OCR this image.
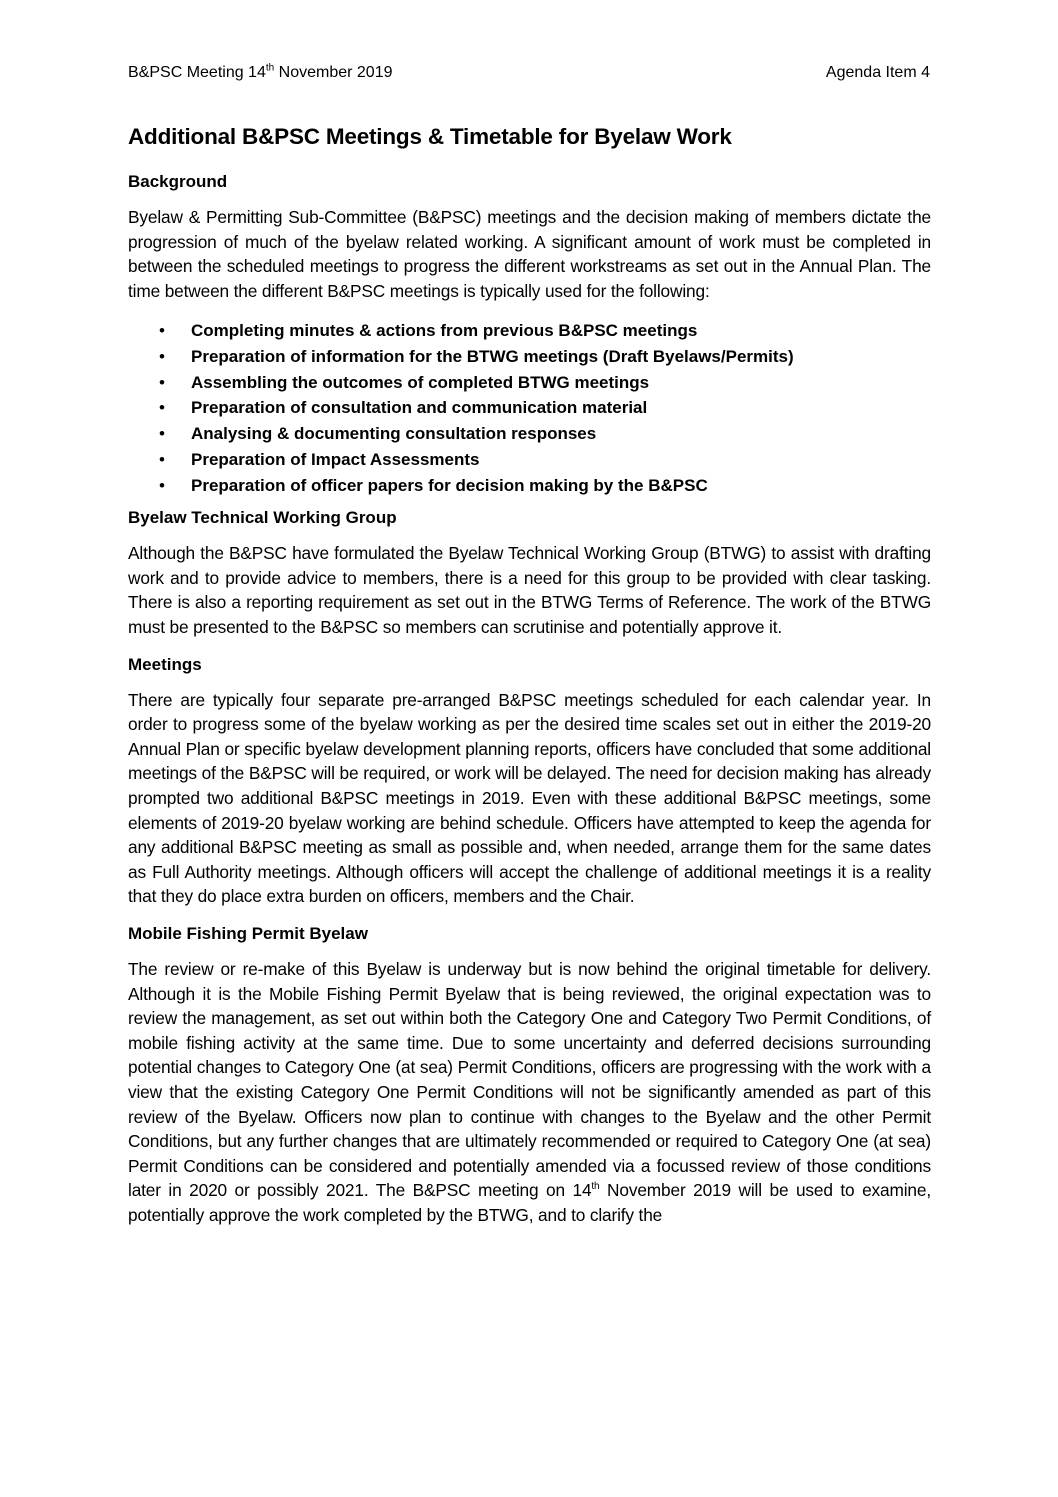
B&PSC Meeting 14th November 2019	Agenda Item 4
Additional B&PSC Meetings & Timetable for Byelaw Work
Background

Byelaw & Permitting Sub-Committee (B&PSC) meetings and the decision making of members dictate the progression of much of the byelaw related working. A significant amount of work must be completed in between the scheduled meetings to progress the different workstreams as set out in the Annual Plan. The time between the different B&PSC meetings is typically used for the following:

• Completing minutes & actions from previous B&PSC meetings
• Preparation of information for the BTWG meetings (Draft Byelaws/Permits)
• Assembling the outcomes of completed BTWG meetings
• Preparation of consultation and communication material
• Analysing & documenting consultation responses
• Preparation of Impact Assessments
• Preparation of officer papers for decision making by the B&PSC
Byelaw Technical Working Group

Although the B&PSC have formulated the Byelaw Technical Working Group (BTWG) to assist with drafting work and to provide advice to members, there is a need for this group to be provided with clear tasking. There is also a reporting requirement as set out in the BTWG Terms of Reference. The work of the BTWG must be presented to the B&PSC so members can scrutinise and potentially approve it.

Meetings

There are typically four separate pre-arranged B&PSC meetings scheduled for each calendar year. In order to progress some of the byelaw working as per the desired time scales set out in either the 2019-20 Annual Plan or specific byelaw development planning reports, officers have concluded that some additional meetings of the B&PSC will be required, or work will be delayed. The need for decision making has already prompted two additional B&PSC meetings in 2019. Even with these additional B&PSC meetings, some elements of 2019-20 byelaw working are behind schedule. Officers have attempted to keep the agenda for any additional B&PSC meeting as small as possible and, when needed, arrange them for the same dates as Full Authority meetings. Although officers will accept the challenge of additional meetings it is a reality that they do place extra burden on officers, members and the Chair.

Mobile Fishing Permit Byelaw

The review or re-make of this Byelaw is underway but is now behind the original timetable for delivery. Although it is the Mobile Fishing Permit Byelaw that is being reviewed, the original expectation was to review the management, as set out within both the Category One and Category Two Permit Conditions, of mobile fishing activity at the same time. Due to some uncertainty and deferred decisions surrounding potential changes to Category One (at sea) Permit Conditions, officers are progressing with the work with a view that the existing Category One Permit Conditions will not be significantly amended as part of this review of the Byelaw. Officers now plan to continue with changes to the Byelaw and the other Permit Conditions, but any further changes that are ultimately recommended or required to Category One (at sea) Permit Conditions can be considered and potentially amended via a focussed review of those conditions later in 2020 or possibly 2021. The B&PSC meeting on 14th November 2019 will be used to examine, potentially approve the work completed by the BTWG, and to clarify the
